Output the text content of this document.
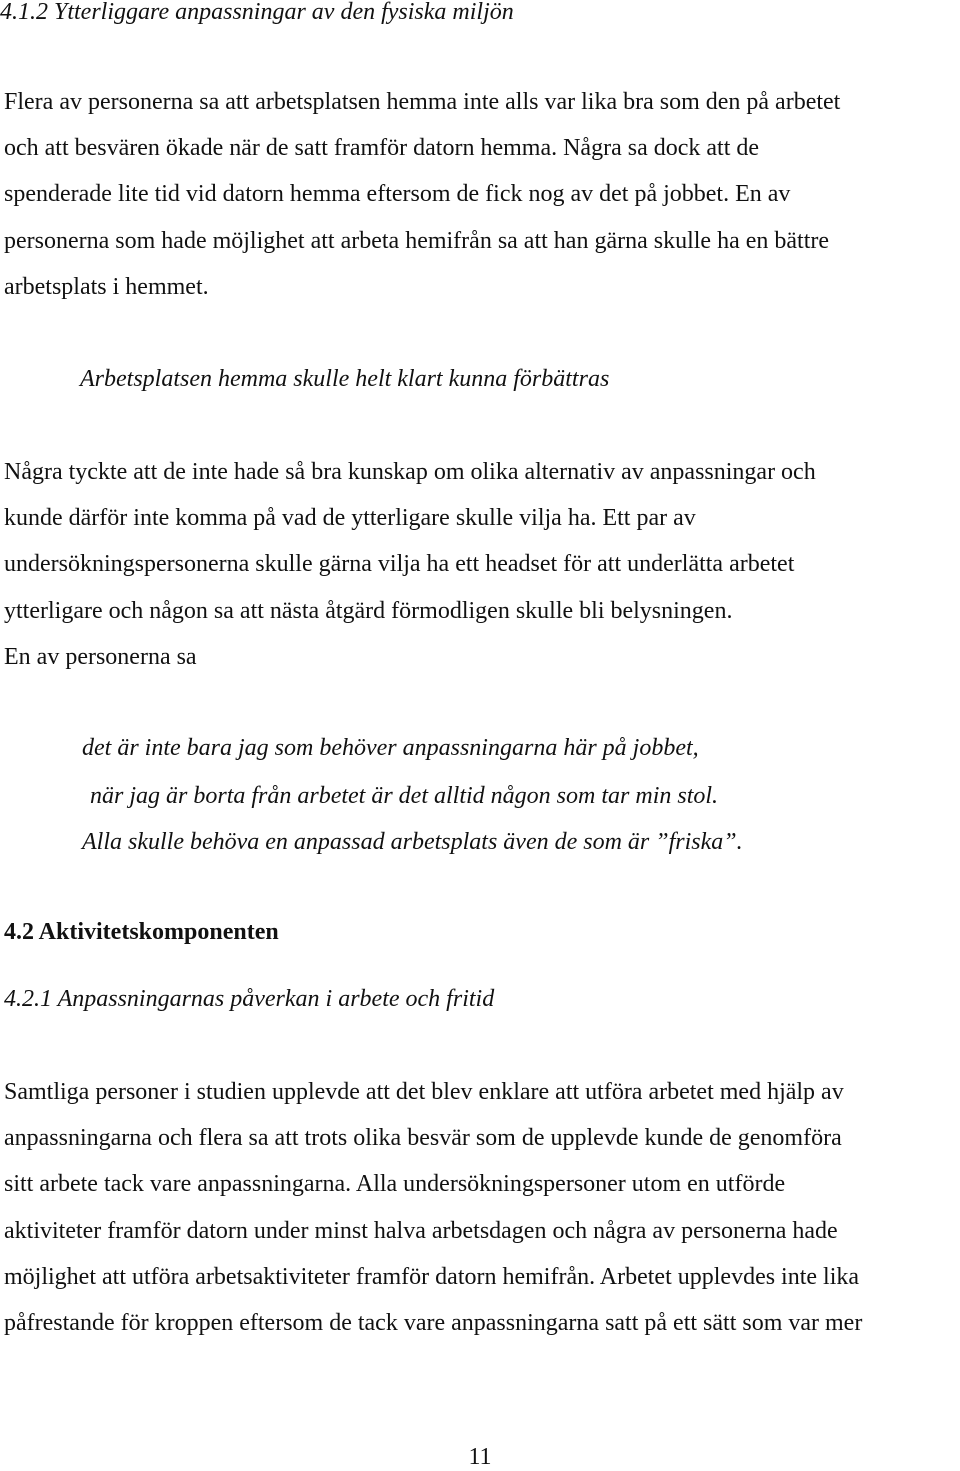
4.1.2 Ytterliggare anpassningar av den fysiska miljön

Flera av personerna sa att arbetsplatsen hemma inte alls var lika bra som den på arbetet

och att besvären ökade när de satt framför datorn hemma. Några sa dock att de

spenderade lite tid vid datorn hemma eftersom de fick nog av det på jobbet. En av

personerna som hade möjlighet att arbeta hemifrån sa att han gärna skulle ha en bättre

arbetsplats i hemmet.

Arbetsplatsen hemma skulle helt klart kunna förbättras

Några tyckte att de inte hade så bra kunskap om olika alternativ av anpassningar och

kunde därför inte komma på vad de ytterligare skulle vilja ha. Ett par av

undersökningspersonerna skulle gärna vilja ha ett headset för att underlätta arbetet

ytterligare och någon sa att nästa åtgärd förmodligen skulle bli belysningen.

En av personerna sa

det är inte bara jag som behöver anpassningarna här på jobbet,

när jag är borta från arbetet är det alltid någon som tar min stol.

Alla skulle behöva en anpassad arbetsplats även de som är ”friska”.

4.2 Aktivitetskomponenten

4.2.1 Anpassningarnas påverkan i arbete och fritid

Samtliga personer i studien upplevde att det blev enklare att utföra arbetet med hjälp av

anpassningarna och flera sa att trots olika besvär som de upplevde kunde de genomföra

sitt arbete tack vare anpassningarna. Alla undersökningspersoner utom en utförde

aktiviteter framför datorn under minst halva arbetsdagen och några av personerna hade

möjlighet att utföra arbetsaktiviteter framför datorn hemifrån. Arbetet upplevdes inte lika

påfrestande för kroppen eftersom de tack vare anpassningarna satt på ett sätt som var mer

11
